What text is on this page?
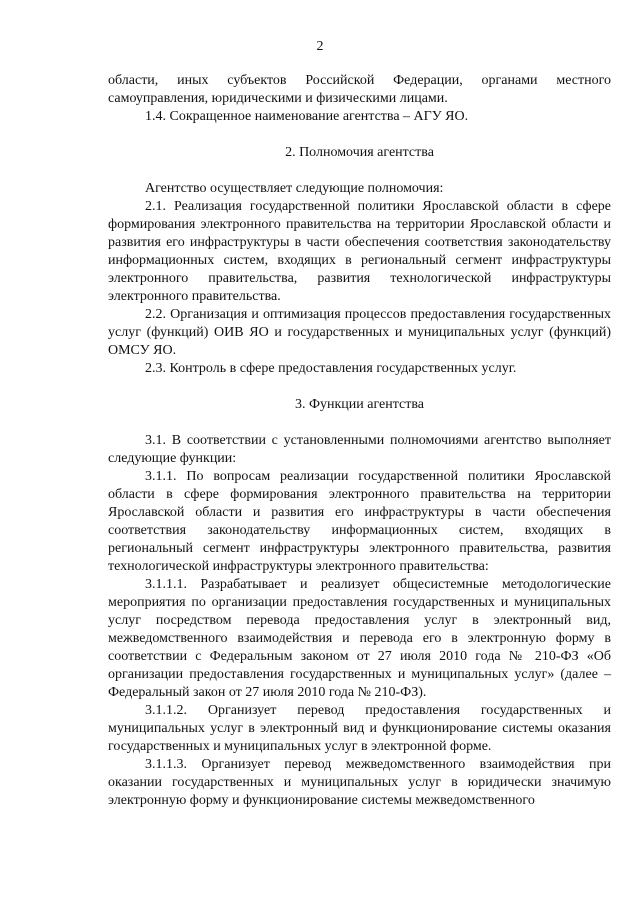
2

области, иных субъектов Российской Федерации, органами местного самоуправления, юридическими и физическими лицами.

1.4. Сокращенное наименование агентства – АГУ ЯО.

2. Полномочия агентства

Агентство осуществляет следующие полномочия:

2.1. Реализация государственной политики Ярославской области в сфере формирования электронного правительства на территории Ярославской области и развития его инфраструктуры в части обеспечения соответствия законодательству информационных систем, входящих в региональный сегмент инфраструктуры электронного правительства, развития технологической инфраструктуры электронного правительства.

2.2. Организация и оптимизация процессов предоставления государственных услуг (функций) ОИВ ЯО и государственных и муниципальных услуг (функций) ОМСУ ЯО.

2.3. Контроль в сфере предоставления государственных услуг.

3. Функции агентства

3.1. В соответствии с установленными полномочиями агентство выполняет следующие функции:

3.1.1. По вопросам реализации государственной политики Ярославской области в сфере формирования электронного правительства на территории Ярославской области и развития его инфраструктуры в части обеспечения соответствия законодательству информационных систем, входящих в региональный сегмент инфраструктуры электронного правительства, развития технологической инфраструктуры электронного правительства:

3.1.1.1. Разрабатывает и реализует общесистемные методологические мероприятия по организации предоставления государственных и муниципальных услуг посредством перевода предоставления услуг в электронный вид, межведомственного взаимодействия и перевода его в электронную форму в соответствии с Федеральным законом от 27 июля 2010 года № 210-ФЗ «Об организации предоставления государственных и муниципальных услуг» (далее – Федеральный закон от 27 июля 2010 года № 210-ФЗ).

3.1.1.2. Организует перевод предоставления государственных и муниципальных услуг в электронный вид и функционирование системы оказания государственных и муниципальных услуг в электронной форме.

3.1.1.3. Организует перевод межведомственного взаимодействия при оказании государственных и муниципальных услуг в юридически значимую электронную форму и функционирование системы межведомственного
